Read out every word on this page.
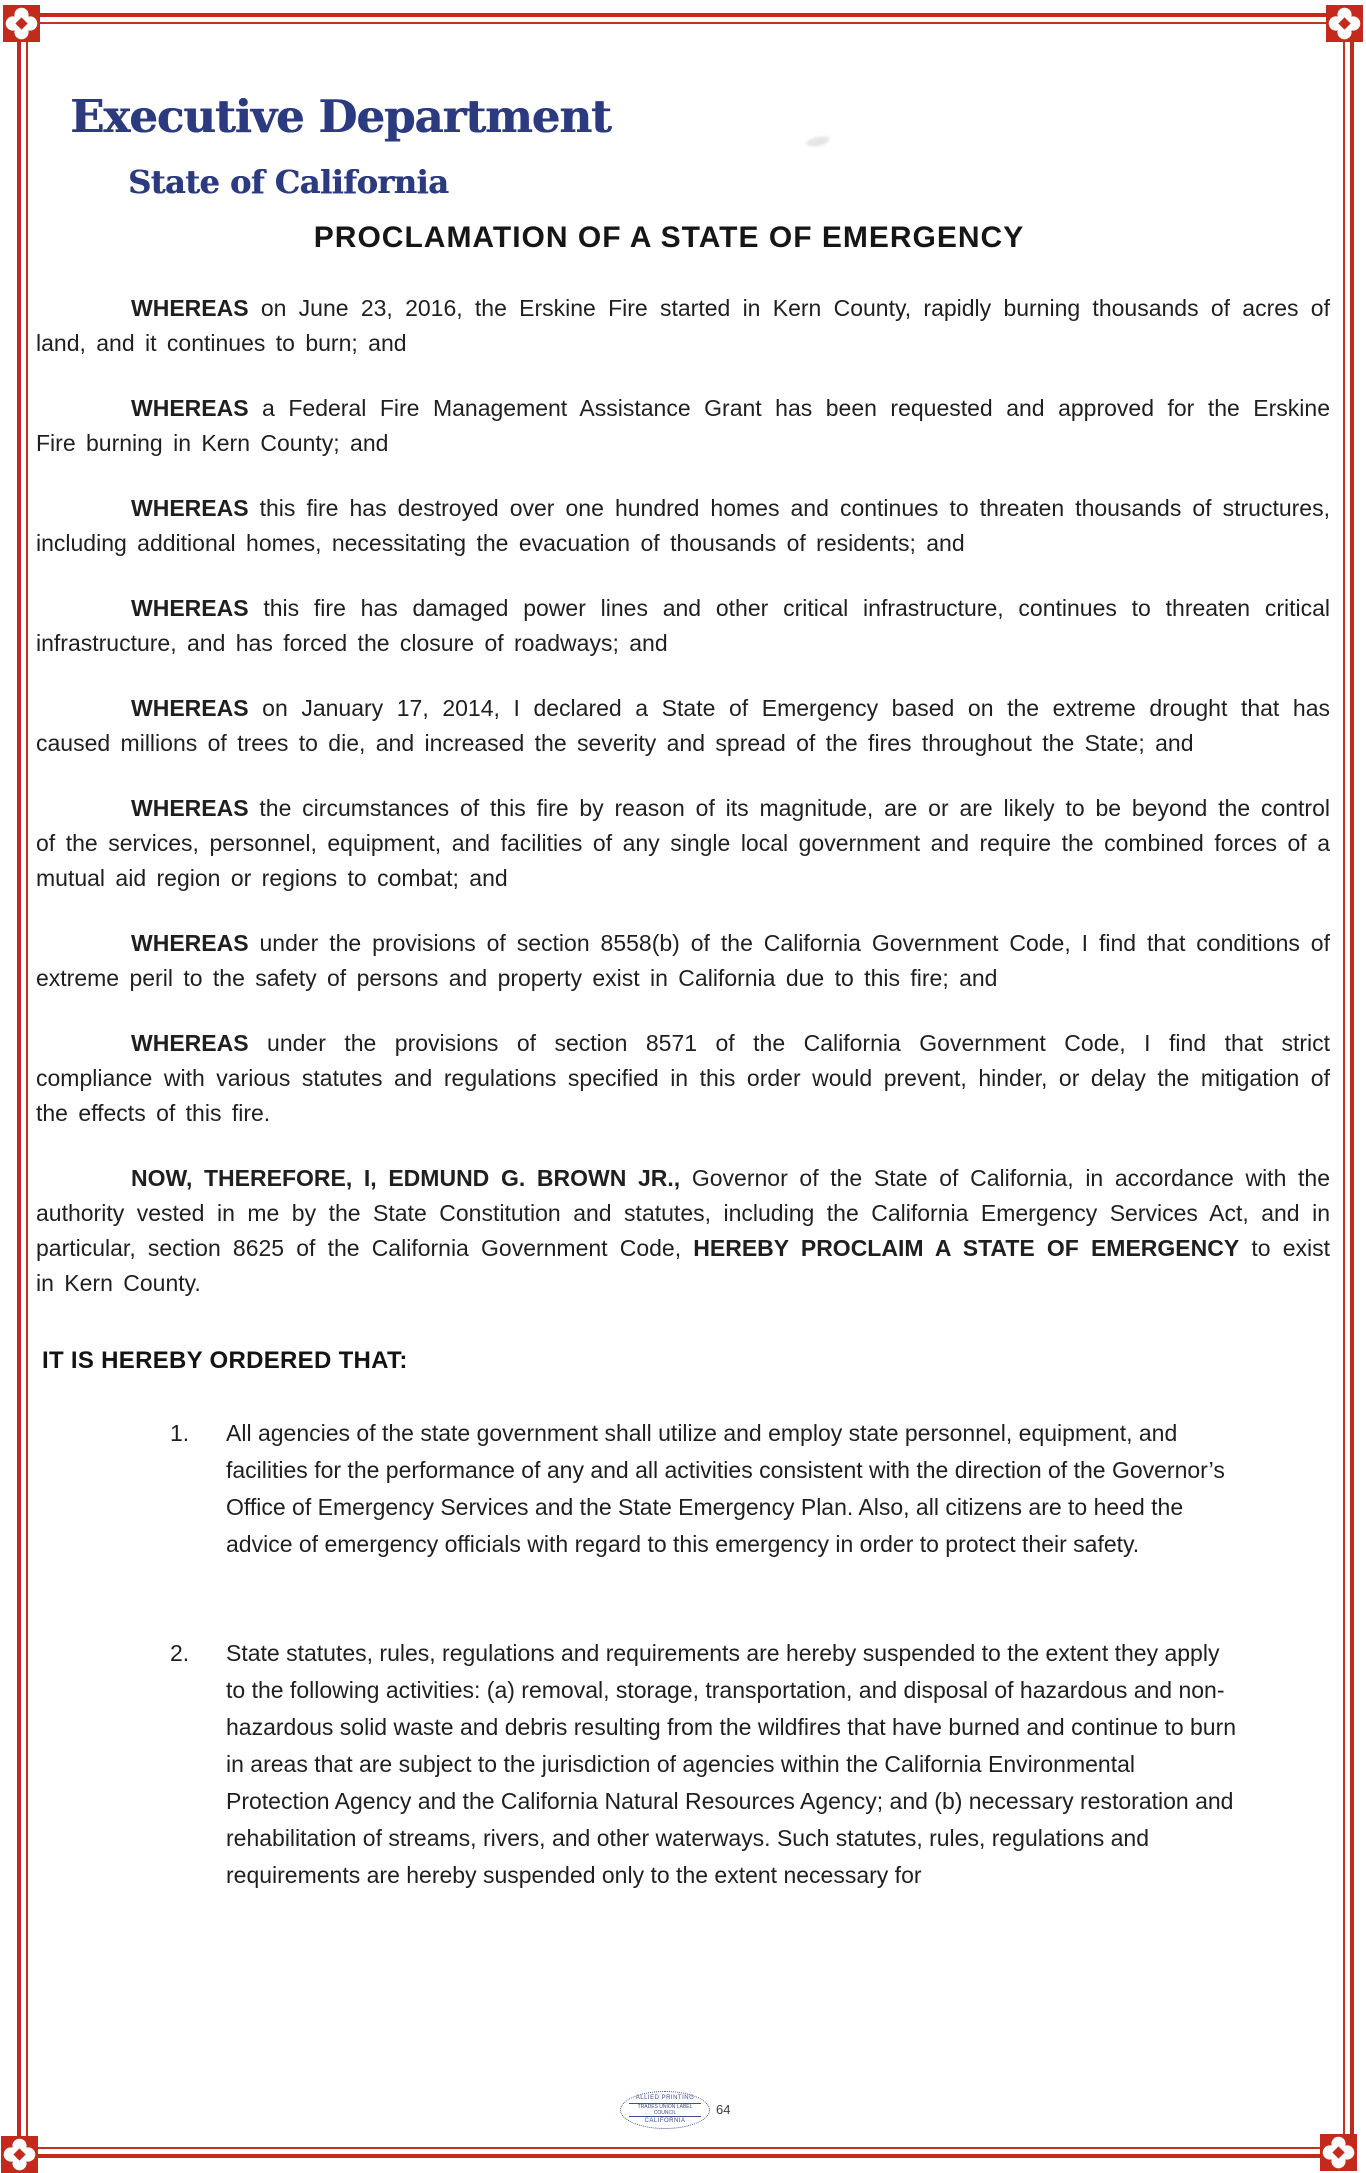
Executive Department
State of California
PROCLAMATION OF A STATE OF EMERGENCY

WHEREAS on June 23, 2016, the Erskine Fire started in Kern County, rapidly burning thousands of acres of land, and it continues to burn; and

WHEREAS a Federal Fire Management Assistance Grant has been requested and approved for the Erskine Fire burning in Kern County; and

WHEREAS this fire has destroyed over one hundred homes and continues to threaten thousands of structures, including additional homes, necessitating the evacuation of thousands of residents; and

WHEREAS this fire has damaged power lines and other critical infrastructure, continues to threaten critical infrastructure, and has forced the closure of roadways; and

WHEREAS on January 17, 2014, I declared a State of Emergency based on the extreme drought that has caused millions of trees to die, and increased the severity and spread of the fires throughout the State; and

WHEREAS the circumstances of this fire by reason of its magnitude, are or are likely to be beyond the control of the services, personnel, equipment, and facilities of any single local government and require the combined forces of a mutual aid region or regions to combat; and

WHEREAS under the provisions of section 8558(b) of the California Government Code, I find that conditions of extreme peril to the safety of persons and property exist in California due to this fire; and

WHEREAS under the provisions of section 8571 of the California Government Code, I find that strict compliance with various statutes and regulations specified in this order would prevent, hinder, or delay the mitigation of the effects of this fire.

NOW, THEREFORE, I, EDMUND G. BROWN JR., Governor of the State of California, in accordance with the authority vested in me by the State Constitution and statutes, including the California Emergency Services Act, and in particular, section 8625 of the California Government Code, HEREBY PROCLAIM A STATE OF EMERGENCY to exist in Kern County.

IT IS HEREBY ORDERED THAT:
1.	All agencies of the state government shall utilize and employ state personnel, equipment, and facilities for the performance of any and all activities consistent with the direction of the Governor’s Office of Emergency Services and the State Emergency Plan. Also, all citizens are to heed the advice of emergency officials with regard to this emergency in order to protect their safety.
2.	State statutes, rules, regulations and requirements are hereby suspended to the extent they apply to the following activities: (a) removal, storage, transportation, and disposal of hazardous and non-hazardous solid waste and debris resulting from the wildfires that have burned and continue to burn in areas that are subject to the jurisdiction of agencies within the California Environmental Protection Agency and the California Natural Resources Agency; and (b) necessary restoration and rehabilitation of streams, rivers, and other waterways. Such statutes, rules, regulations and requirements are hereby suspended only to the extent necessary for
ALLIED PRINTING
TRADES UNION LABEL COUNCIL
CALIFORNIA
64
